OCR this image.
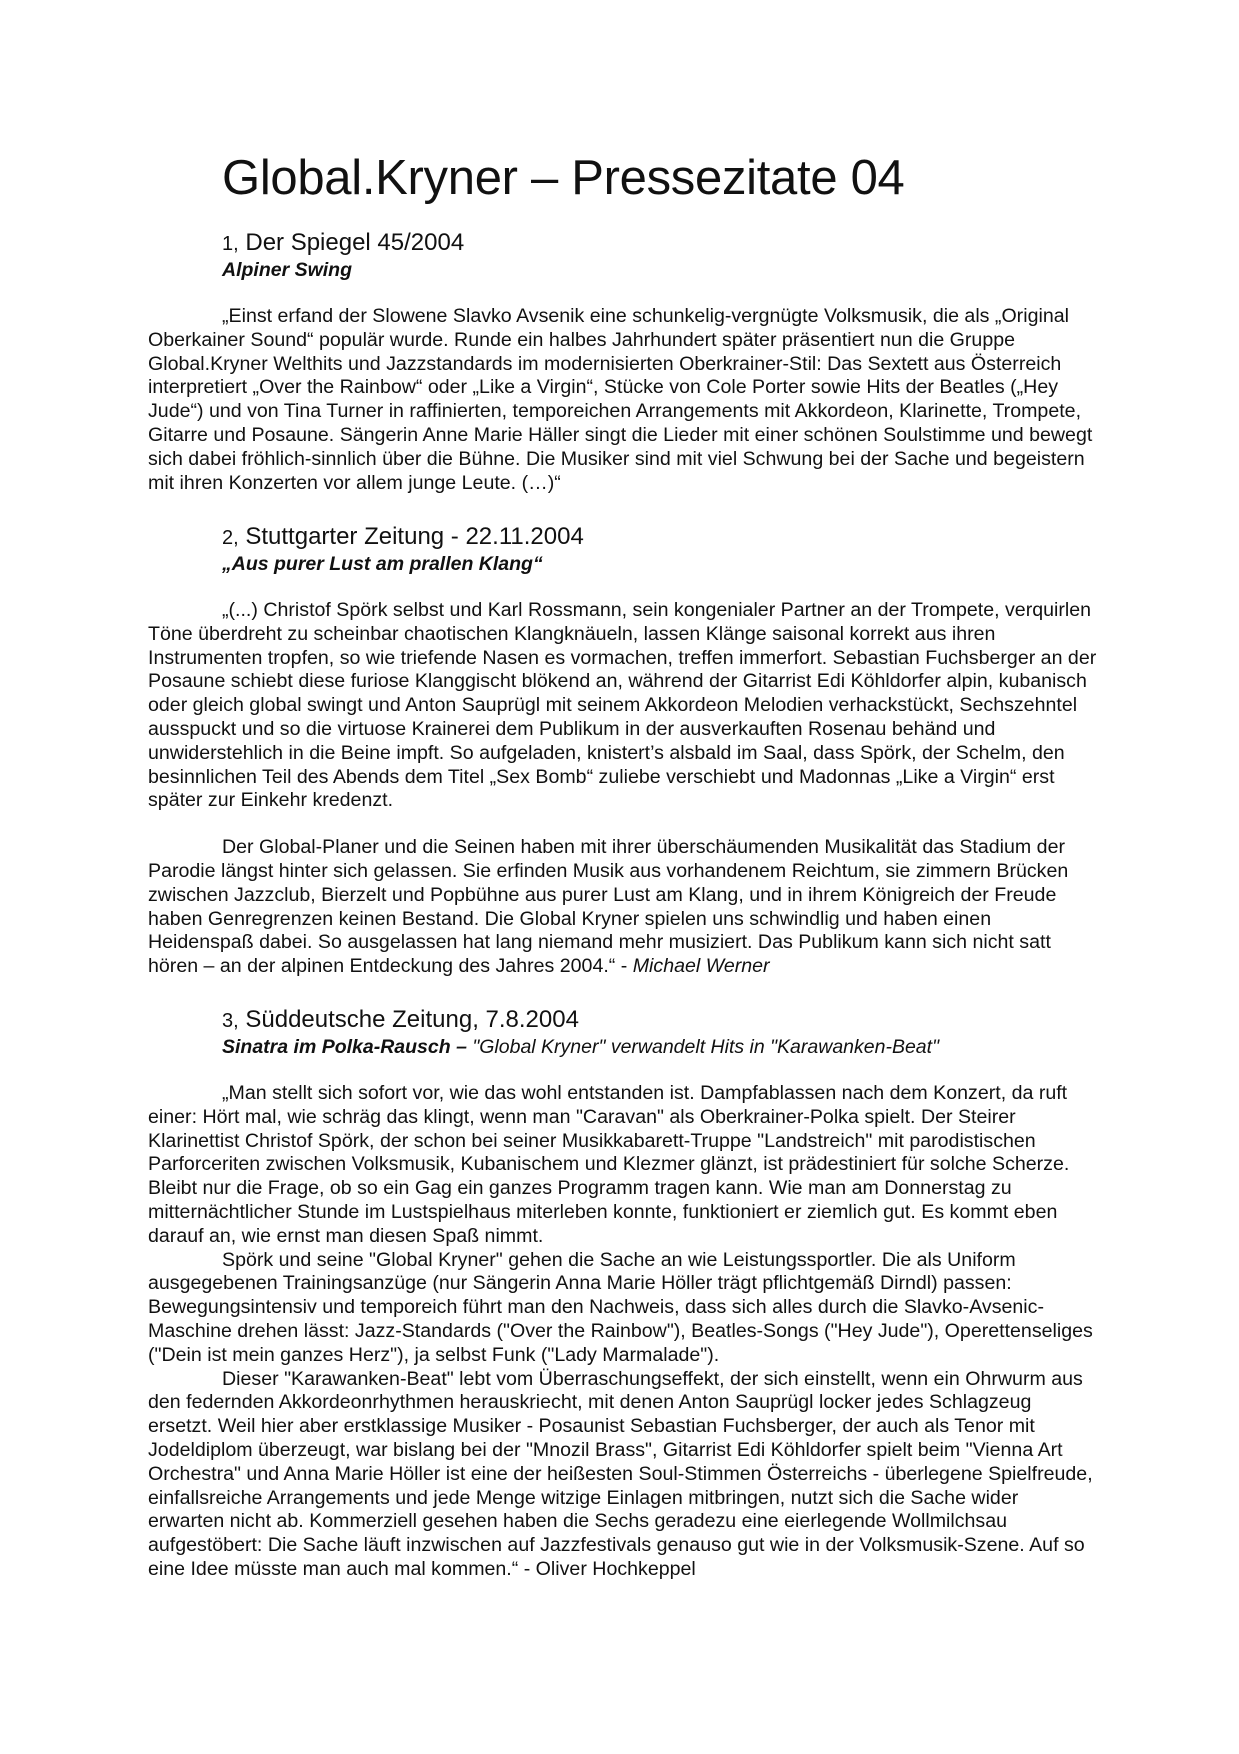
Global.Kryner – Pressezitate 04
1, Der Spiegel 45/2004
Alpiner Swing

„Einst erfand der Slowene Slavko Avsenik eine schunkelig-vergnügte Volksmusik, die als „Original Oberkainer Sound“ populär wurde. Runde ein halbes Jahrhundert später präsentiert nun die Gruppe Global.Kryner Welthits und Jazzstandards im modernisierten Oberkrainer-Stil: Das Sextett aus Österreich interpretiert „Over the Rainbow“ oder „Like a Virgin“, Stücke von Cole Porter sowie Hits der Beatles („Hey Jude“) und von Tina Turner in raffinierten, temporeichen Arrangements mit Akkordeon, Klarinette, Trompete, Gitarre und Posaune. Sängerin Anne Marie Häller singt die Lieder mit einer schönen Soulstimme und bewegt sich dabei fröhlich-sinnlich über die Bühne. Die Musiker sind mit viel Schwung bei der Sache und begeistern mit ihren Konzerten vor allem junge Leute. (…)“

2, Stuttgarter Zeitung - 22.11.2004
„Aus purer Lust am prallen Klang“

„(...) Christof Spörk selbst und Karl Rossmann, sein kongenialer Partner an der Trompete, verquirlen Töne überdreht zu scheinbar chaotischen Klangknäueln, lassen Klänge saisonal korrekt aus ihren Instrumenten tropfen, so wie triefende Nasen es vormachen, treffen immerfort. Sebastian Fuchsberger an der Posaune schiebt diese furiose Klanggischt blökend an, während der Gitarrist Edi Köhldorfer alpin, kubanisch oder gleich global swingt und Anton Sauprügl mit seinem Akkordeon Melodien verhackstückt, Sechszehntel ausspuckt und so die virtuose Krainerei dem Publikum in der ausverkauften Rosenau behänd und unwiderstehlich in die Beine impft. So aufgeladen, knistert’s alsbald im Saal, dass Spörk, der Schelm, den besinnlichen Teil des Abends dem Titel „Sex Bomb“ zuliebe verschiebt und Madonnas „Like a Virgin“ erst später zur Einkehr kredenzt.

Der Global-Planer und die Seinen haben mit ihrer überschäumenden Musikalität das Stadium der Parodie längst hinter sich gelassen. Sie erfinden Musik aus vorhandenem Reichtum, sie zimmern Brücken zwischen Jazzclub, Bierzelt und Popbühne aus purer Lust am Klang, und in ihrem Königreich der Freude haben Genregrenzen keinen Bestand. Die Global Kryner spielen uns schwindlig und haben einen Heidenspaß dabei. So ausgelassen hat lang niemand mehr musiziert. Das Publikum kann sich nicht satt hören – an der alpinen Entdeckung des Jahres 2004.“ - Michael Werner

3, Süddeutsche Zeitung, 7.8.2004
Sinatra im Polka-Rausch – "Global Kryner" verwandelt Hits in "Karawanken-Beat"

„Man stellt sich sofort vor, wie das wohl entstanden ist. Dampfablassen nach dem Konzert, da ruft einer: Hört mal, wie schräg das klingt, wenn man "Caravan" als Oberkrainer-Polka spielt. Der Steirer Klarinettist Christof Spörk, der schon bei seiner Musikkabarett-Truppe "Landstreich" mit parodistischen Parforceriten zwischen Volksmusik, Kubanischem und Klezmer glänzt, ist prädestiniert für solche Scherze. Bleibt nur die Frage, ob so ein Gag ein ganzes Programm tragen kann. Wie man am Donnerstag zu mitternächtlicher Stunde im Lustspielhaus miterleben konnte, funktioniert er ziemlich gut. Es kommt eben darauf an, wie ernst man diesen Spaß nimmt.

Spörk und seine "Global Kryner" gehen die Sache an wie Leistungssportler. Die als Uniform ausgegebenen Trainingsanzüge (nur Sängerin Anna Marie Höller trägt pflichtgemäß Dirndl) passen: Bewegungsintensiv und temporeich führt man den Nachweis, dass sich alles durch die Slavko-Avsenic-Maschine drehen lässt: Jazz-Standards ("Over the Rainbow"), Beatles-Songs ("Hey Jude"), Operettenseliges ("Dein ist mein ganzes Herz"), ja selbst Funk ("Lady Marmalade").

Dieser "Karawanken-Beat" lebt vom Überraschungseffekt, der sich einstellt, wenn ein Ohrwurm aus den federnden Akkordeonrhythmen herauskriecht, mit denen Anton Sauprügl locker jedes Schlagzeug ersetzt. Weil hier aber erstklassige Musiker - Posaunist Sebastian Fuchsberger, der auch als Tenor mit Jodeldiplom überzeugt, war bislang bei der "Mnozil Brass", Gitarrist Edi Köhldorfer spielt beim "Vienna Art Orchestra" und Anna Marie Höller ist eine der heißesten Soul-Stimmen Österreichs - überlegene Spielfreude, einfallsreiche Arrangements und jede Menge witzige Einlagen mitbringen, nutzt sich die Sache wider erwarten nicht ab. Kommerziell gesehen haben die Sechs geradezu eine eierlegende Wollmilchsau aufgestöbert: Die Sache läuft inzwischen auf Jazzfestivals genauso gut wie in der Volksmusik-Szene. Auf so eine Idee müsste man auch mal kommen.“ - Oliver Hochkeppel
